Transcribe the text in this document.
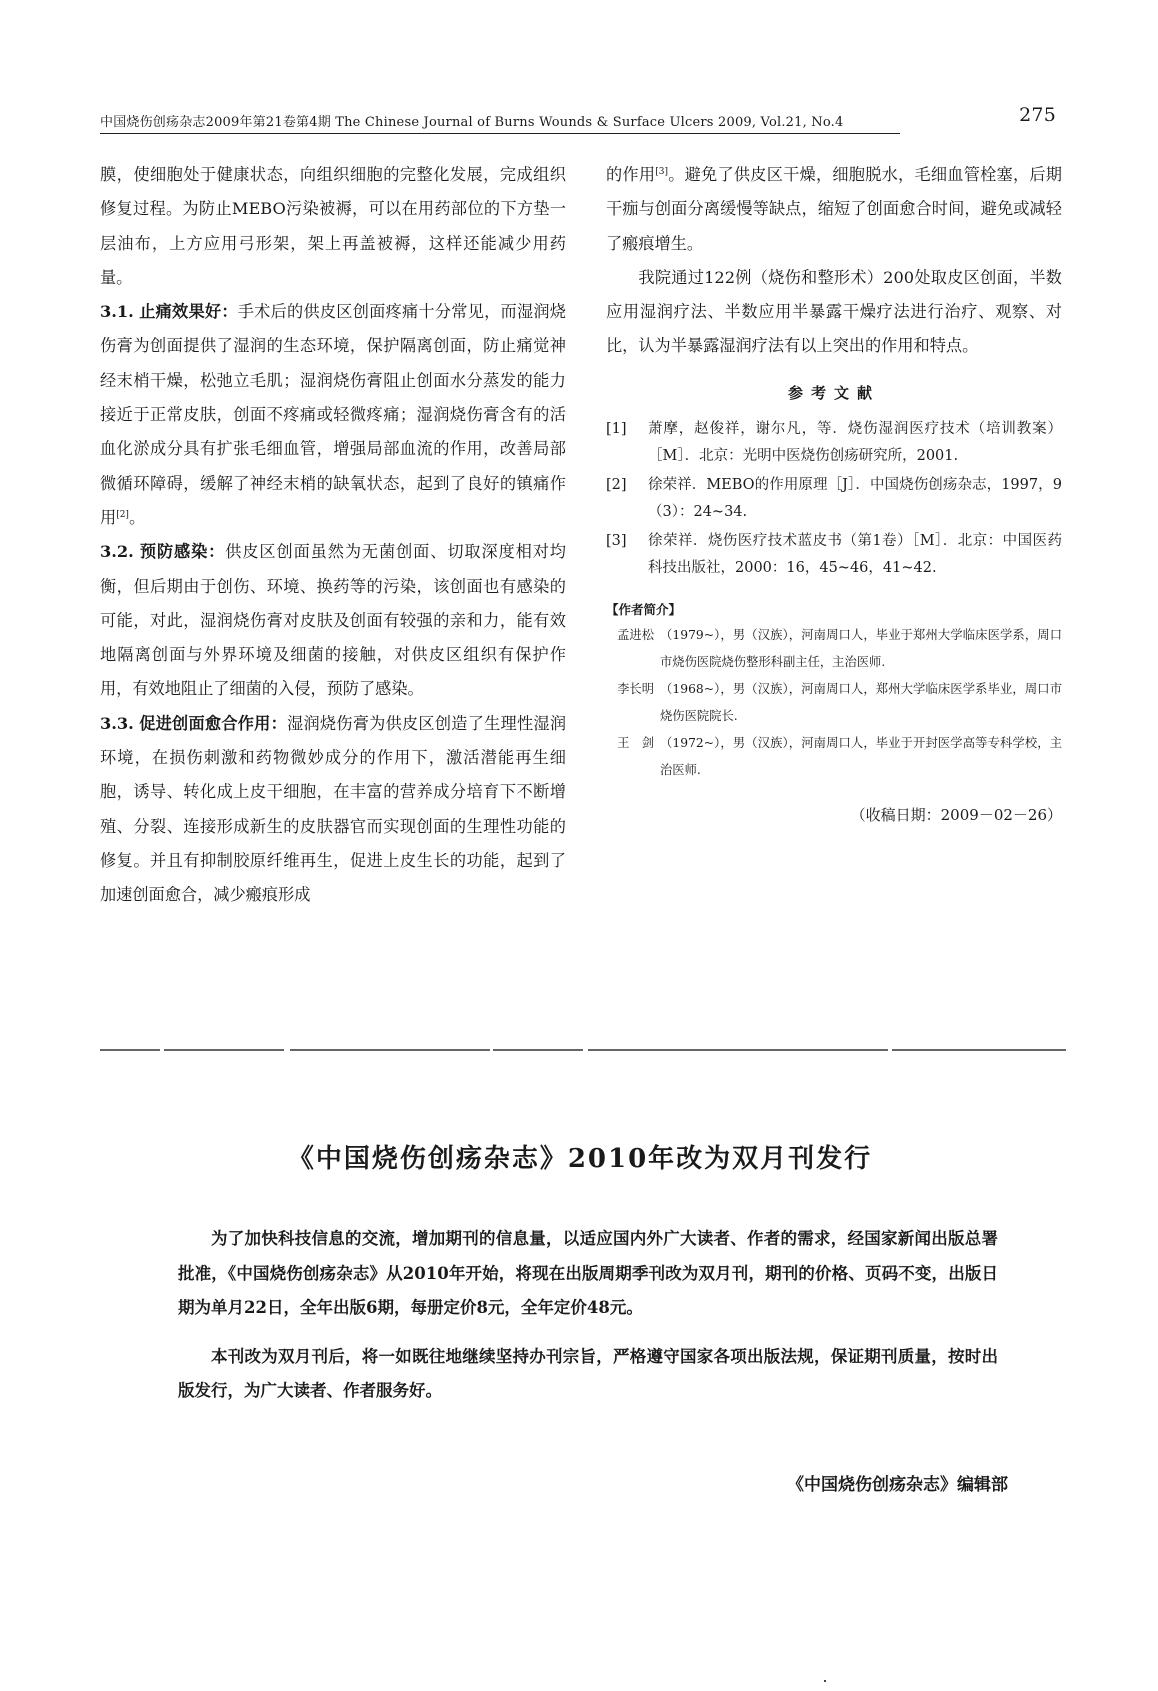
中国烧伤创疡杂志2009年第21卷第4期 The Chinese Journal of Burns Wounds & Surface Ulcers 2009, Vol.21, No.4	275

膜，使细胞处于健康状态，向组织细胞的完整化发展，完成组织修复过程。为防止MEBO污染被褥，可以在用药部位的下方垫一层油布，上方应用弓形架，架上再盖被褥，这样还能减少用药量。

3.1. 止痛效果好：手术后的供皮区创面疼痛十分常见，而湿润烧伤膏为创面提供了湿润的生态环境，保护隔离创面，防止痛觉神经末梢干燥，松弛立毛肌；湿润烧伤膏阻止创面水分蒸发的能力接近于正常皮肤，创面不疼痛或轻微疼痛；湿润烧伤膏含有的活血化淤成分具有扩张毛细血管，增强局部血流的作用，改善局部微循环障碍，缓解了神经末梢的缺氧状态，起到了良好的镇痛作用[2]。

3.2. 预防感染：供皮区创面虽然为无菌创面、切取深度相对均衡，但后期由于创伤、环境、换药等的污染，该创面也有感染的可能，对此，湿润烧伤膏对皮肤及创面有较强的亲和力，能有效地隔离创面与外界环境及细菌的接触，对供皮区组织有保护作用，有效地阻止了细菌的入侵，预防了感染。

3.3. 促进创面愈合作用：湿润烧伤膏为供皮区创造了生理性湿润环境，在损伤刺激和药物微妙成分的作用下，激活潜能再生细胞，诱导、转化成上皮干细胞，在丰富的营养成分培育下不断增殖、分裂、连接形成新生的皮肤器官而实现创面的生理性功能的修复。并且有抑制胶原纤维再生，促进上皮生长的功能，起到了加速创面愈合，减少瘢痕形成

的作用[3]。避免了供皮区干燥，细胞脱水，毛细血管栓塞，后期干痂与创面分离缓慢等缺点，缩短了创面愈合时间，避免或减轻了瘢痕增生。

我院通过122例（烧伤和整形术）200处取皮区创面，半数应用湿润疗法、半数应用半暴露干燥疗法进行治疗、观察、对比，认为半暴露湿润疗法有以上突出的作用和特点。

参考文献
[1]	萧摩，赵俊祥，谢尔凡，等．烧伤湿润医疗技术（培训教案）［M］．北京：光明中医烧伤创疡研究所，2001.
[2]	徐荣祥．MEBO的作用原理［J］．中国烧伤创疡杂志，1997，9（3）：24~34.
[3]	徐荣祥．烧伤医疗技术蓝皮书（第1卷）［M］．北京：中国医药科技出版社，2000：16，45~46，41~42.
【作者简介】
孟进松 （1979~），男（汉族），河南周口人，毕业于郑州大学临床医学系，周口市烧伤医院烧伤整形科副主任，主治医师.
李长明 （1968~），男（汉族），河南周口人，郑州大学临床医学系毕业，周口市烧伤医院院长.
王　剑 （1972~），男（汉族），河南周口人，毕业于开封医学高等专科学校，主治医师.
（收稿日期：2009－02－26）
《中国烧伤创疡杂志》2010年改为双月刊发行

为了加快科技信息的交流，增加期刊的信息量，以适应国内外广大读者、作者的需求，经国家新闻出版总署批准，《中国烧伤创疡杂志》从2010年开始，将现在出版周期季刊改为双月刊，期刊的价格、页码不变，出版日期为单月22日，全年出版6期，每册定价8元，全年定价48元。

本刊改为双月刊后，将一如既往地继续坚持办刊宗旨，严格遵守国家各项出版法规，保证期刊质量，按时出版发行，为广大读者、作者服务好。

《中国烧伤创疡杂志》编辑部
